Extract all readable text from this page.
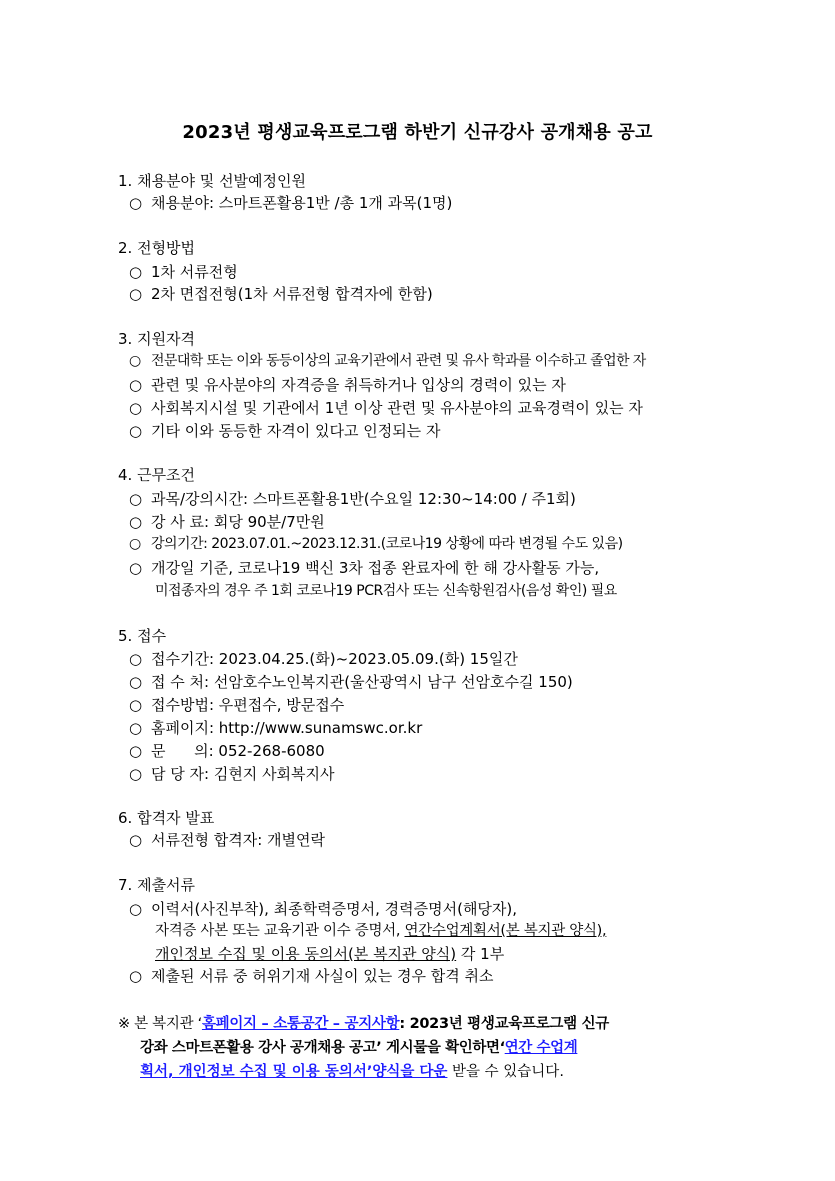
2023년 평생교육프로그램 하반기 신규강사 공개채용 공고
1. 채용분야 및 선발예정인원
○ 채용분야: 스마트폰활용1반 /총 1개 과목(1명)
2. 전형방법
○ 1차 서류전형
○ 2차 면접전형(1차 서류전형 합격자에 한함)
3. 지원자격
○ 전문대학 또는 이와 동등이상의 교육기관에서 관련 및 유사 학과를 이수하고 졸업한 자
○ 관련 및 유사분야의 자격증을 취득하거나 입상의 경력이 있는 자
○ 사회복지시설 및 기관에서 1년 이상 관련 및 유사분야의 교육경력이 있는 자
○ 기타 이와 동등한 자격이 있다고 인정되는 자
4. 근무조건
○ 과목/강의시간: 스마트폰활용1반(수요일 12:30~14:00 / 주1회)
○ 강 사 료: 회당 90분/7만원
○ 강의기간: 2023.07.01.~2023.12.31.(코로나19 상황에 따라 변경될 수도 있음)
○ 개강일 기준, 코로나19 백신 3차 접종 완료자에 한 해 강사활동 가능,
미접종자의 경우 주 1회 코로나19 PCR검사 또는 신속항원검사(음성 확인) 필요
5. 접수
○ 접수기간: 2023.04.25.(화)~2023.05.09.(화) 15일간
○ 접 수 처: 선암호수노인복지관(울산광역시 남구 선암호수길 150)
○ 접수방법: 우편접수, 방문접수
○ 홈페이지: http://www.sunamswc.or.kr
○ 문      의: 052-268-6080
○ 담 당 자: 김현지 사회복지사
6. 합격자 발표
○ 서류전형 합격자: 개별연락
7. 제출서류
○ 이력서(사진부착), 최종학력증명서, 경력증명서(해당자),
자격증 사본 또는 교육기관 이수 증명서, 연간수업계획서(본 복지관 양식),
개인정보 수집 및 이용 동의서(본 복지관 양식) 각 1부
○ 제출된 서류 중 허위기재 사실이 있는 경우 합격 취소
※ 본 복지관 ‘홈페이지 – 소통공간 – 공지사항: 2023년 평생교육프로그램 신규
강좌 스마트폰활용 강사 공개채용 공고’ 게시물을 확인하면‘연간 수업계
획서, 개인정보 수집 및 이용 동의서’양식을 다운 받을 수 있습니다.
